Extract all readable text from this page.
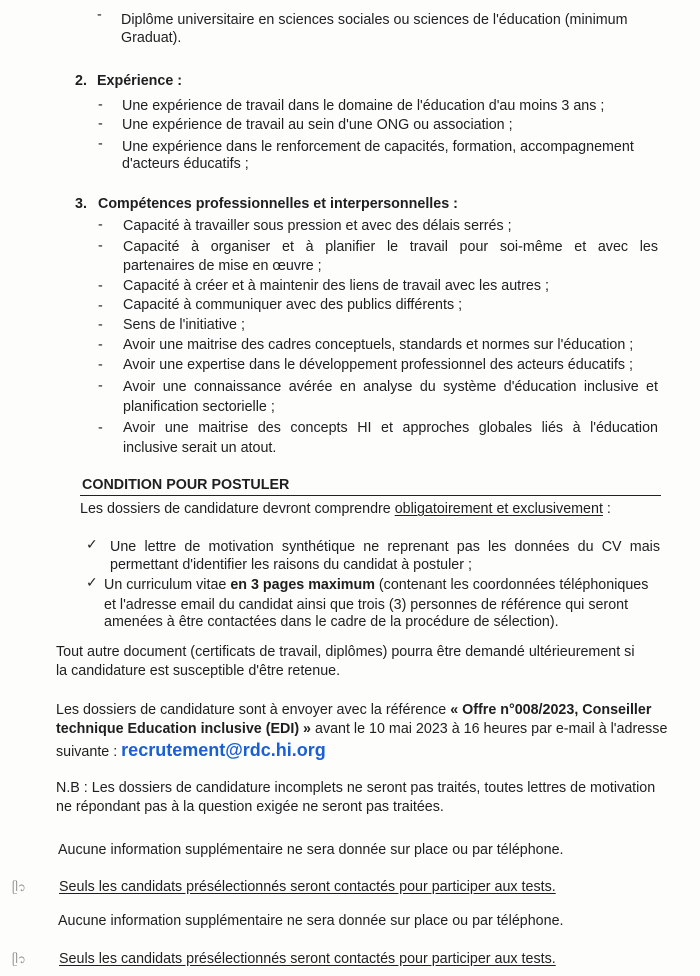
- Diplôme universitaire en sciences sociales ou sciences de l'éducation (minimum
Graduat).
2. Expérience :
- Une expérience de travail dans le domaine de l'éducation d'au moins 3 ans ;
- Une expérience de travail au sein d'une ONG ou association ;
- Une expérience dans le renforcement de capacités, formation, accompagnement
d'acteurs éducatifs ;
3. Compétences professionnelles et interpersonnelles :
- Capacité à travailler sous pression et avec des délais serrés ;
- Capacité à organiser et à planifier le travail pour soi-même et avec les
partenaires de mise en œuvre ;
- Capacité à créer et à maintenir des liens de travail avec les autres ;
- Capacité à communiquer avec des publics différents ;
- Sens de l'initiative ;
- Avoir une maitrise des cadres conceptuels, standards et normes sur l'éducation ;
- Avoir une expertise dans le développement professionnel des acteurs éducatifs ;
- Avoir une connaissance avérée en analyse du système d'éducation inclusive et
planification sectorielle ;
- Avoir une maitrise des concepts HI et approches globales liés à l'éducation
inclusive serait un atout.
CONDITION POUR POSTULER
Les dossiers de candidature devront comprendre obligatoirement et exclusivement :
✓ Une lettre de motivation synthétique ne reprenant pas les données du CV mais
permettant d'identifier les raisons du candidat à postuler ;
✓ Un curriculum vitae en 3 pages maximum (contenant les coordonnées téléphoniques
et l'adresse email du candidat ainsi que trois (3) personnes de référence qui seront
amenées à être contactées dans le cadre de la procédure de sélection).
Tout autre document (certificats de travail, diplômes) pourra être demandé ultérieurement si
la candidature est susceptible d'être retenue.
Les dossiers de candidature sont à envoyer avec la référence « Offre n°008/2023, Conseiller
technique Education inclusive (EDI) » avant le 10 mai 2023 à 16 heures par e-mail à l'adresse
suivante : recrutement@rdc.hi.org
N.B : Les dossiers de candidature incomplets ne seront pas traités, toutes lettres de motivation
ne répondant pas à la question exigée ne seront pas traitées.
Aucune information supplémentaire ne sera donnée sur place ou par téléphone.
ᥫ᭡ Seuls les candidats présélectionnés seront contactés pour participer aux tests.
Aucune information supplémentaire ne sera donnée sur place ou par téléphone.
ᥫ᭡ Seuls les candidats présélectionnés seront contactés pour participer aux tests.
